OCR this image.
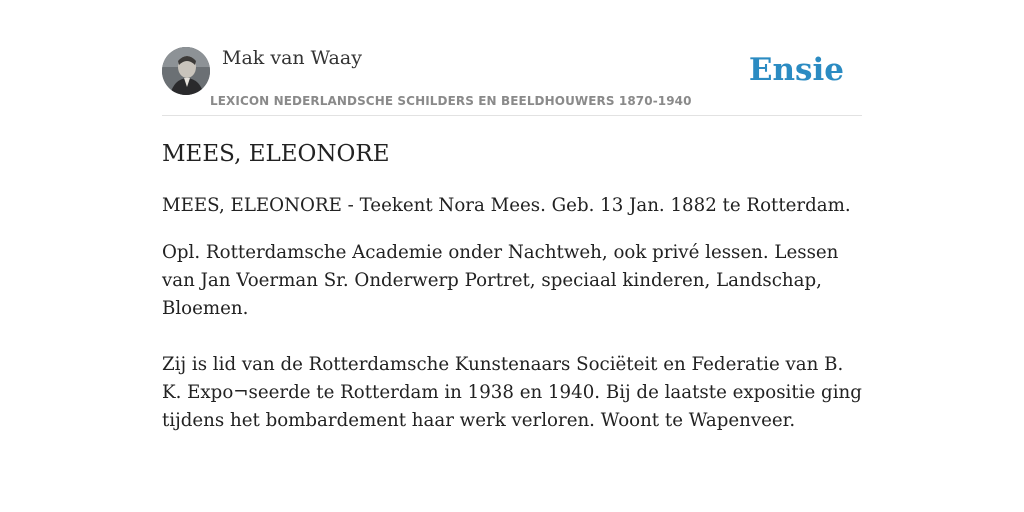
Mak van Waay
LEXICON NEDERLANDSCHE SCHILDERS EN BEELDHOUWERS 1870-1940
Ensie
MEES, ELEONORE

MEES, ELEONORE - Teekent Nora Mees. Geb. 13 Jan. 1882 te Rotterdam.

Opl. Rotterdamsche Academie onder Nachtweh, ook privé lessen. Lessen van Jan Voerman Sr. Onderwerp Portret, speciaal kinderen, Landschap, Bloemen.

Zij is lid van de Rotterdamsche Kunstenaars Sociëteit en Federatie van B. K. Expo¬seerde te Rotterdam in 1938 en 1940. Bij de laatste expositie ging tijdens het bombardement haar werk verloren. Woont te Wapenveer.
